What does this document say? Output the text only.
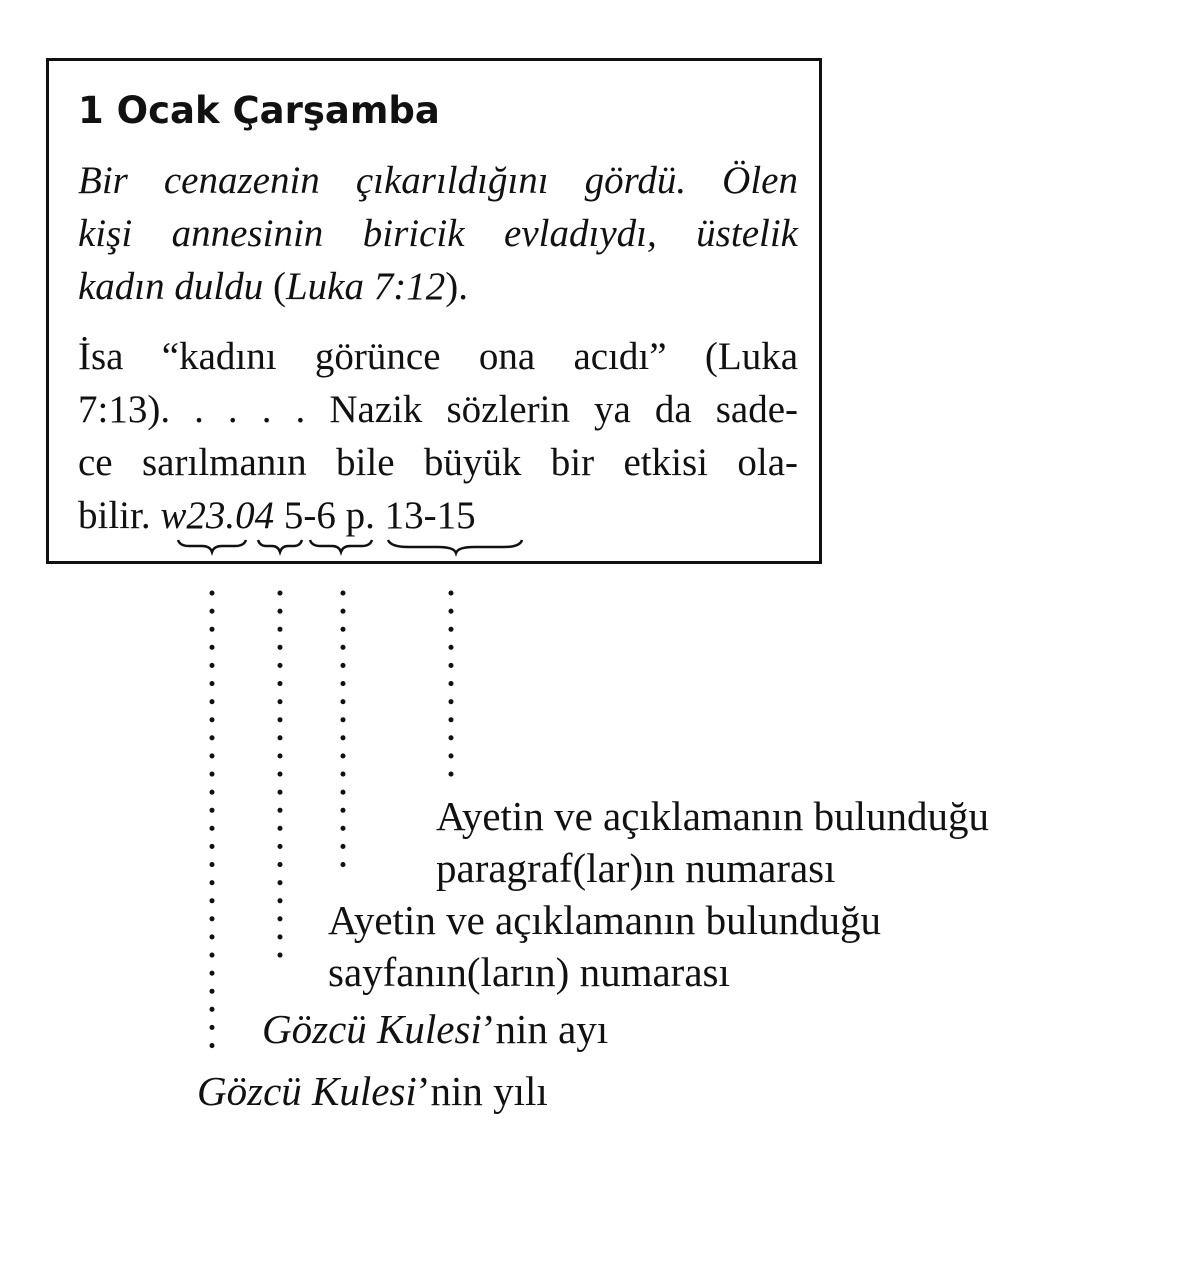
1 Ocak Çarşamba

Bir cenazenin çıkarıldığını gördü. Ölen
kişi annesinin biricik evladıydı, üstelik
kadın duldu (Luka 7:12).

İsa “kadını görünce ona acıdı” (Luka
7:13). . . . . Nazik sözlerin ya da sade-
ce sarılmanın bile büyük bir etkisi ola-
bilir. w23.04 5-6 p. 13-15

Ayetin ve açıklamanın bulunduğu
paragraf(lar)ın numarası

Ayetin ve açıklamanın bulunduğu
sayfanın(ların) numarası

Gözcü Kulesi’nin ayı

Gözcü Kulesi’nin yılı
